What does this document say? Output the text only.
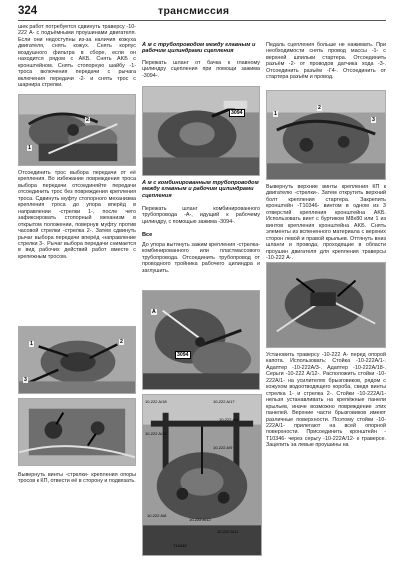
324	трансмиссия

шек работ потребуется сдвинуть траверсу -10-222 А- с подъёмными проушинами двигателя. Если они недоступны из-за наличия кожуха двигателя, снять кожух. Снять корпус воздушного фильтра в сборе, если он находится рядом с AKБ. Снять AKБ с кронштейном. Снять стопорную шайбу -1- троса включения передачи с рычага включения передачи -2- и снять трос с шарнира стрелки.

1
2

Отсоединить трос выбора передачи от её крепления. Во избежание повреждения троса выбора передачи отсоединяйте передачи отсоединить трос без повреждения крепления троса. Сдвинуть муфту стопорного механизма крепления троса до упора вперёд в направлении -стрелки 1-, после чего зафиксировать стопорный механизм в открытом положении, повернув муфту против часовой стрелки -стрелка 2-. Затем сдвинуть рычаг выбора передачи вперёд -направление стрелки 3-. Рычаг выбора передачи снимается в вид рабочих действий работ вместе с крепежным тросом.

1	2
3

Вывернуть винты -стрелки- крепления опоры тросов к КП, отвести её в сторону и подвязать.

А м с трубопроводом между главным и рабочим цилиндрами сцепления

Пережать шланг от бачка к главному цилиндру сцепления при помощи зажима -3094-.

3094

А м с комбинированным трубопроводом между главным и рабочим цилиндрами сцепления

Пережать шланг комбинированного трубопровода -А-, идущий к рабочему цилиндру, с помощью зажима -3094-.

Все

До упора вытянуть зажим крепления -стрелка- комбинированного или пластмассового трубопровода. Отсоединить трубопровод от проводного тройника рабочего цилиндра и заглушить.

A
3094

Педаль сцепления больше не нажимать. При необходимости снять провод массы -1- с верхней шпильки стартера. Отсоединить разъём -2- от проводов датчика хода -3-. Отсоединить разъём -Г4-. Отсоединить от стартера разъём и провод.

1
2
3

Вывернуть верхние винты крепления КП к двигателю -стрелки-. Затем открутить верхний болт крепления стартера. Закрепить кронштейн -T10346- винтом в одном из 3 отверстий крепления кронштейна AKБ. Использовать винт с буртиком M8x80 или 1 из винтов крепления кронштейна AKБ. Снять элементы из вспененного материала с верхних сторон левой и правой крыльев. Оттянуть вниз шланги и провода, проходящие в области проушин двигателя для крепления траверсы -10-222 А-.

10-222 A/18	10-222 A/17
10-222 A/3
10-222 A/12
10-222 A/9
10-222 A/8
10-222 A/12
10-222 A/11
T10346

Установить траверсу -10-222 А- перед опорой капота. Использовать: Стойка -10-222А/1-. Адаптер -10-222А/3-. Адаптер -10-222А/18-. Серьги -10-222 А/12-. Расположить стойки -10-222А/1- на усилителях брызговиков, рядом с кожухом водоотводящего короба, сведя винты стрелка 1- и стрелка 2-. Стойки -10-222А/1- нельзя устанавливать на крепёжные панели крыльев, иначе возможно повреждение этих панелей. Верхние части брызговиков имеют различные поверхности. Поэтому стойки -10-222А/1- прилегают на всей опорной поверхности. Присоединить кронштейн -T10346- через серьгу -10-222А/12- к траверсе. Зацепить за левые проушины на
